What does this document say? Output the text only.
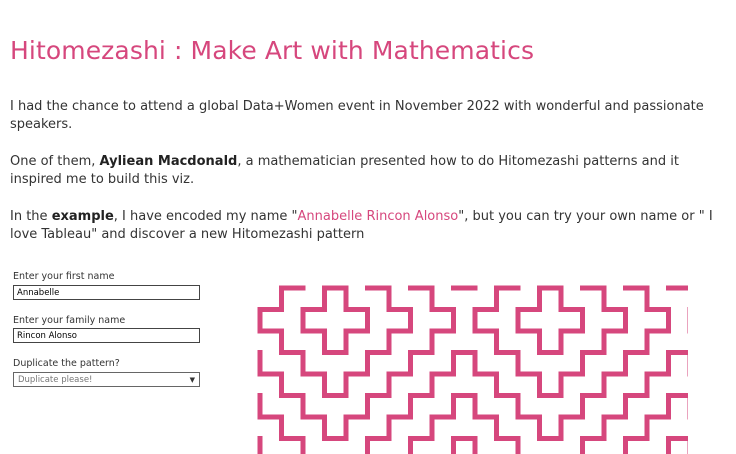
Hitomezashi : Make Art with Mathematics

I had the chance to attend a global Data+Women event in November 2022 with wonderful and passionate speakers.

One of them, Ayliean Macdonald, a mathematician presented how to do Hitomezashi patterns and it inspired me to build this viz.

In the example, I have encoded my name "Annabelle Rincon Alonso", but you can try your own name or " I love Tableau" and discover a new Hitomezashi pattern

Enter your first name
Annabelle
Enter your family name
Rincon Alonso
Duplicate the pattern?
Duplicate please!	▼
